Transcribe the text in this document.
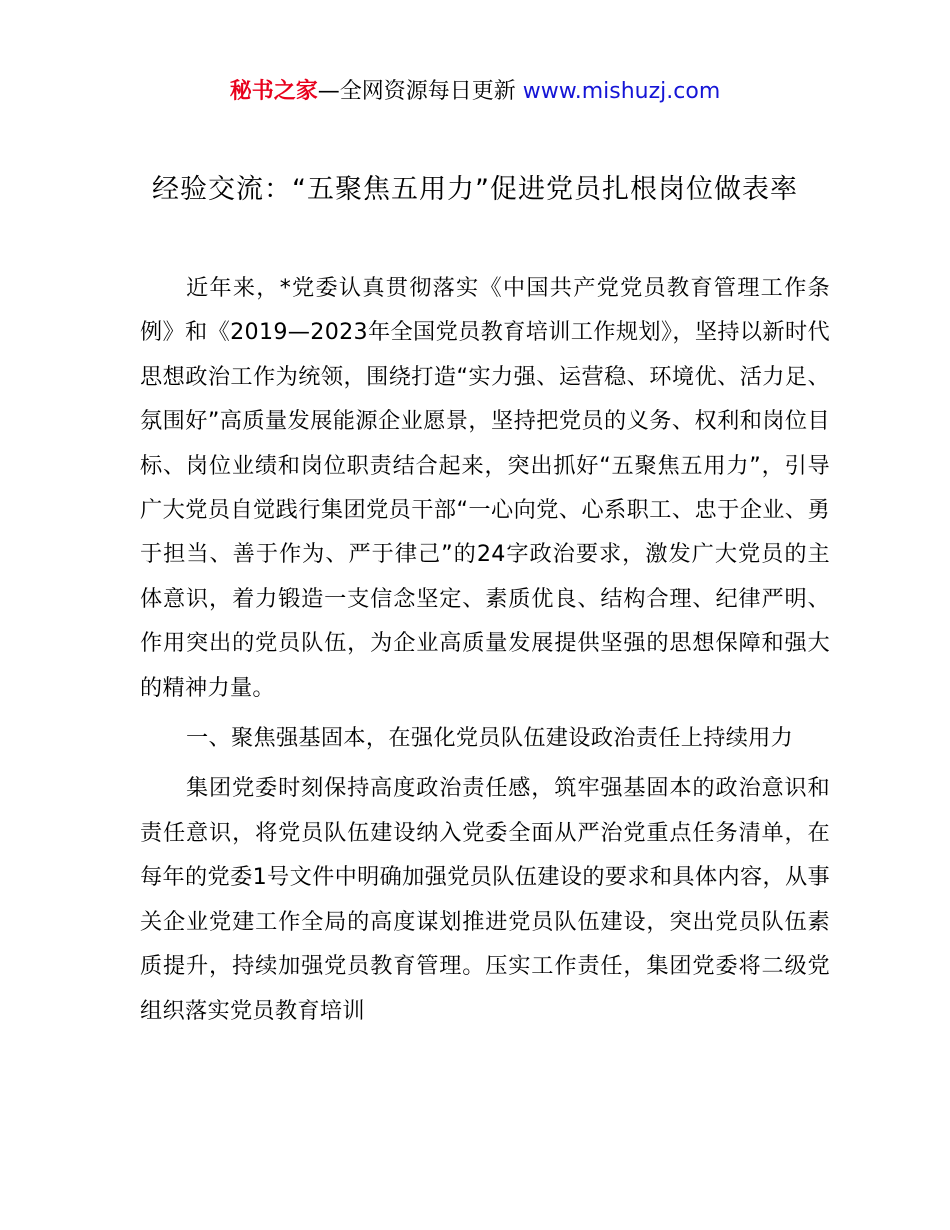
秘书之家—全网资源每日更新 www.mishuzj.com
经验交流：“五聚焦五用力”促进党员扎根岗位做表率

近年来，*党委认真贯彻落实《中国共产党党员教育管理工作条例》和《2019—2023年全国党员教育培训工作规划》，坚持以新时代思想政治工作为统领，围绕打造“实力强、运营稳、环境优、活力足、氛围好”高质量发展能源企业愿景，坚持把党员的义务、权利和岗位目标、岗位业绩和岗位职责结合起来，突出抓好“五聚焦五用力”，引导广大党员自觉践行集团党员干部“一心向党、心系职工、忠于企业、勇于担当、善于作为、严于律己”的24字政治要求，激发广大党员的主体意识，着力锻造一支信念坚定、素质优良、结构合理、纪律严明、作用突出的党员队伍，为企业高质量发展提供坚强的思想保障和强大的精神力量。

一、聚焦强基固本，在强化党员队伍建设政治责任上持续用力

集团党委时刻保持高度政治责任感，筑牢强基固本的政治意识和责任意识，将党员队伍建设纳入党委全面从严治党重点任务清单，在每年的党委1号文件中明确加强党员队伍建设的要求和具体内容，从事关企业党建工作全局的高度谋划推进党员队伍建设，突出党员队伍素质提升，持续加强党员教育管理。压实工作责任，集团党委将二级党组织落实党员教育培训
